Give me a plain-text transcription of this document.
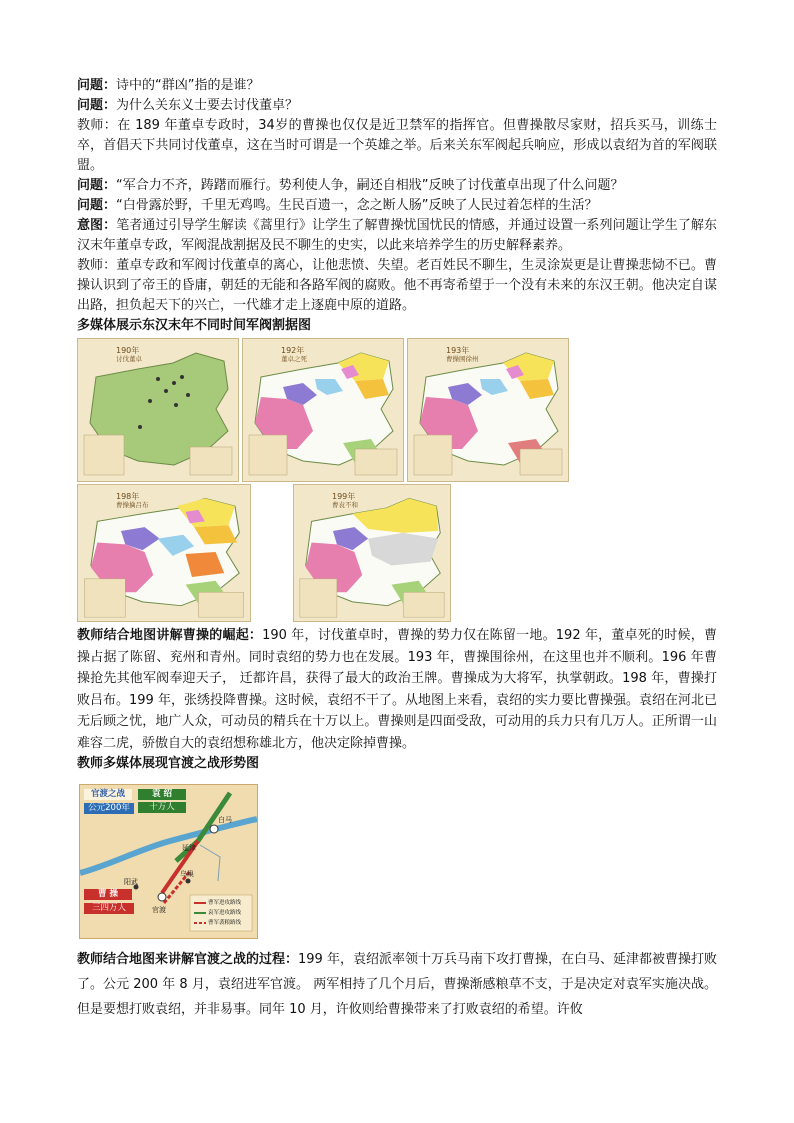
问题：诗中的“群凶”指的是谁？

问题：为什么关东义士要去讨伐董卓？

教师：在 189 年董卓专政时，34岁的曹操也仅仅是近卫禁军的指挥官。但曹操散尽家财，招兵买马，训练士卒，首倡天下共同讨伐董卓，这在当时可谓是一个英雄之举。后来关东军阀起兵响应，形成以袁绍为首的军阀联盟。

问题：“军合力不齐，踌躇而雁行。势利使人争，嗣还自相戕”反映了讨伐董卓出现了什么问题？

问题：“白骨露於野，千里无鸡鸣。生民百遗一，念之断人肠”反映了人民过着怎样的生活？

意图：笔者通过引导学生解读《蒿里行》让学生了解曹操忧国忧民的情感，并通过设置一系列问题让学生了解东汉末年董卓专政，军阀混战割据及民不聊生的史实，以此来培养学生的历史解释素养。

教师：董卓专政和军阀讨伐董卓的离心，让他悲愤、失望。老百姓民不聊生，生灵涂炭更是让曹操悲恸不已。曹操认识到了帝王的昏庸，朝廷的无能和各路军阀的腐败。他不再寄希望于一个没有未来的东汉王朝。他决定自谋出路，担负起天下的兴亡，一代雄才走上逐鹿中原的道路。

多媒体展示东汉末年不同时间军阀割据图

190年
讨伐董卓
192年
董卓之死
193年
曹操围徐州
198年
曹操擒吕布
199年
曹袁不和

教师结合地图讲解曹操的崛起：190 年，讨伐董卓时，曹操的势力仅在陈留一地。192 年，董卓死的时候，曹操占据了陈留、兖州和青州。同时袁绍的势力也在发展。193 年，曹操围徐州，在这里也并不顺利。196 年曹操抢先其他军阀奉迎天子， 迁都许昌，获得了最大的政治王牌。曹操成为大将军，执掌朝政。198 年，曹操打败吕布。199 年，张绣投降曹操。这时候，袁绍不干了。从地图上来看，袁绍的实力要比曹操强。袁绍在河北已无后顾之忧，地广人众，可动员的精兵在十万以上。曹操则是四面受敌，可动用的兵力只有几万人。正所谓一山难容二虎，骄傲自大的袁绍想称雄北方，他决定除掉曹操。

教师多媒体展现官渡之战形势图

官渡之战
公元200年
袁 绍
十万人
曹 操
三四万人
白马
延津
官渡
阳武
乌巢
曹军进攻路线
袁军进攻路线
曹军袭粮路线

教师结合地图来讲解官渡之战的过程：199 年，袁绍派率领十万兵马南下攻打曹操，在白马、延津都被曹操打败了。公元 200 年 8 月，袁绍进军官渡。 两军相持了几个月后，曹操渐感粮草不支，于是决定对袁军实施决战。但是要想打败袁绍，并非易事。同年 10 月，许攸则给曹操带来了打败袁绍的希望。许攸
